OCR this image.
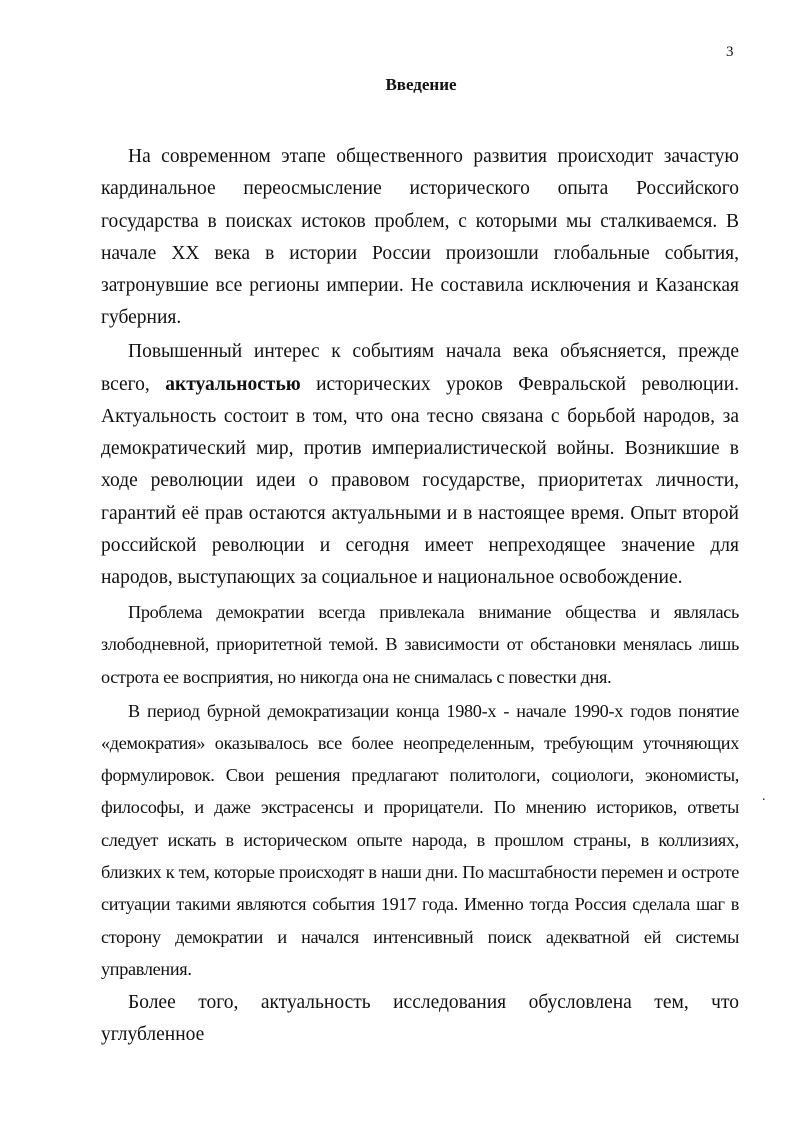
3
Введение

На современном этапе общественного развития происходит зачастую кардинальное переосмысление исторического опыта Российского государства в поисках истоков проблем, с которыми мы сталкиваемся. В начале XX века в истории России произошли глобальные события, затронувшие все регионы империи. Не составила исключения и Казанская губерния.

Повышенный интерес к событиям начала века объясняется, прежде всего, актуальностью исторических уроков Февральской революции. Актуальность состоит в том, что она тесно связана с борьбой народов, за демократический мир, против империалистической войны. Возникшие в ходе революции идеи о правовом государстве, приоритетах личности, гарантий её прав остаются актуальными и в настоящее время. Опыт второй российской революции и сегодня имеет непреходящее значение для народов, выступающих за социальное и национальное освобождение.

Проблема демократии всегда привлекала внимание общества и являлась злободневной, приоритетной темой. В зависимости от обстановки менялась лишь острота ее восприятия, но никогда она не снималась с повестки дня.

В период бурной демократизации конца 1980-х - начале 1990-х годов понятие «демократия» оказывалось все более неопределенным, требующим уточняющих формулировок. Свои решения предлагают политологи, социологи, экономисты, философы, и даже экстрасенсы и прорицатели. По мнению историков, ответы следует искать в историческом опыте народа, в прошлом страны, в коллизиях, близких к тем, которые происходят в наши дни. По масштабности перемен и остроте ситуации такими являются события 1917 года. Именно тогда Россия сделала шаг в сторону демократии и начался интенсивный поиск адекватной ей системы управления.

Более того, актуальность исследования обусловлена тем, что углубленное

.
